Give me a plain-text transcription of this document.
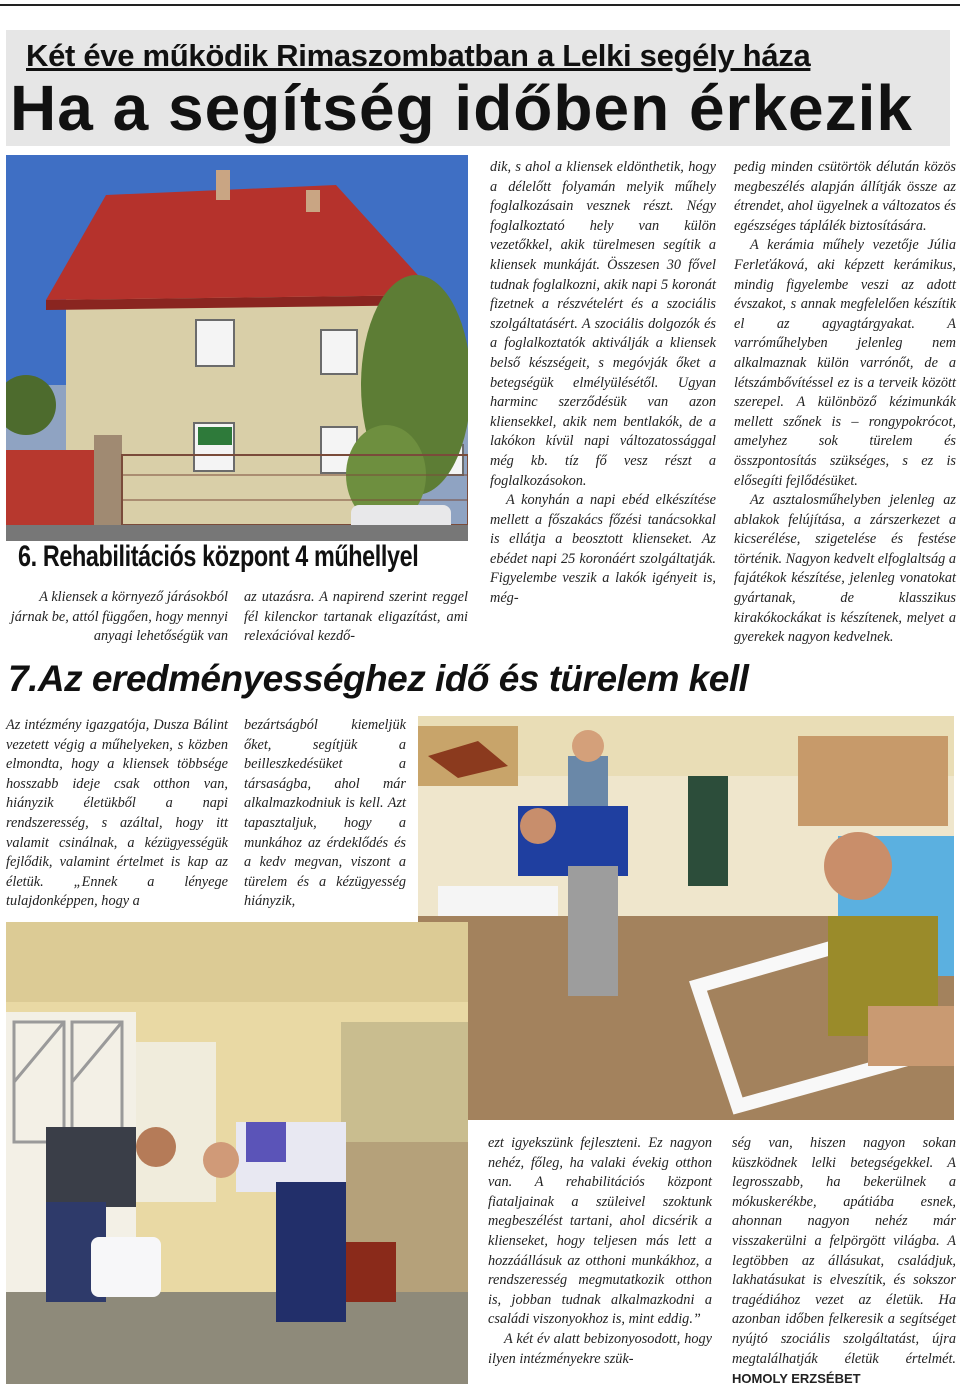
Két éve működik Rimaszombatban a Lelki segély háza
Ha a segítség időben érkezik
6. Rehabilitációs központ 4 műhellyel
A kliensek a környező járásokból járnak be, attól függően, hogy mennyi anyagi lehetőségük van
az utazásra. A napirend szerint reggel fél kilenckor tartanak eligazítást, ami relexációval kezdő-

dik, s ahol a kliensek eldönthetik, hogy a délelőtt folyamán melyik műhely foglalkozásain vesznek részt. Négy foglalkoztató hely van külön vezetőkkel, akik türelmesen segítik a kliensek munkáját. Összesen 30 fővel tudnak foglalkozni, akik napi 5 koronát fizetnek a részvételért és a szociális szolgáltatásért. A szociális dolgozók és a foglalkoztatók aktiválják a kliensek belső készségeit, s megóvják őket a betegségük elmélyülésétől. Ugyan harminc szerződésük van azon kliensekkel, akik nem bentlakók, de a lakókon kívül napi változatossággal még kb. tíz fő vesz részt a foglalkozásokon.

A konyhán a napi ebéd elkészítése mellett a főszakács főzési tanácsokkal is ellátja a beosztott klienseket. Az ebédet napi 25 koronáért szolgáltatják. Figyelembe veszik a lakók igényeit is, még-

pedig minden csütörtök délután közös megbeszélés alapján állítják össze az étrendet, ahol ügyelnek a változatos és egészséges táplálék biztosítására.

A kerámia műhely vezetője Júlia Ferleťáková, aki képzett kerámikus, mindig figyelembe veszi az adott évszakot, s annak megfelelően készítik el az agyagtárgyakat. A varróműhelyben jelenleg nem alkalmaznak külön varrónőt, de a létszámbővítéssel ez is a terveik között szerepel. A különböző kézimunkák mellett szőnek is – rongypokrócot, amelyhez sok türelem és összpontosítás szükséges, s ez is elősegíti fejlődésüket.

Az asztalosműhelyben jelenleg az ablakok felújítása, a zárszerkezet a kicserélése, szigetelése és festése történik. Nagyon kedvelt elfoglaltság a fajátékok készítése, jelenleg vonatokat gyártanak, de klasszikus kirakókockákat is készítenek, melyet a gyerekek nagyon kedvelnek.

7.Az eredményességhez idő és türelem kell
Az intézmény igazgatója, Dusza Bálint vezetett végig a műhelyeken, s közben elmondta, hogy a kliensek többsége hosszabb ideje csak otthon van, hiányzik életükből a napi rendszeresség, s azáltal, hogy itt valamit csinálnak, a kézügyességük fejlődik, valamint értelmet is kap az életük. „Ennek a lényege tulajdonképpen, hogy a
bezártságból kiemeljük őket, segítjük a beilleszkedésüket a társaságba, ahol már alkalmazkodniuk is kell. Azt tapasztaljuk, hogy a munkához az érdeklődés és a kedv megvan, viszont a türelem és a kézügyesség hiányzik,

ezt igyekszünk fejleszteni. Ez nagyon nehéz, főleg, ha valaki évekig otthon van. A rehabilitációs központ fiataljainak a szüleivel szoktunk megbeszélést tartani, ahol dicsérik a klienseket, hogy teljesen más lett a hozzáállásuk az otthoni munkákhoz, a rendszeresség megmutatkozik otthon is, jobban tudnak alkalmazkodni a családi viszonyokhoz is, mint eddig.”

A két év alatt bebizonyosodott, hogy ilyen intézményekre szük-

ség van, hiszen nagyon sokan küszködnek lelki betegségekkel. A legrosszabb, ha bekerülnek a mókuskerékbe, apátiába esnek, ahonnan nagyon nehéz már visszakerülni a felpörgött világba. A legtöbben az állásukat, családjuk, lakhatásukat is elveszítik, és sokszor tragédiához vezet az életük. Ha azonban időben felkeresik a segítséget nyújtó szociális szolgáltatást, újra megtalálhatják életük értelmét. HOMOLY ERZSÉBET
